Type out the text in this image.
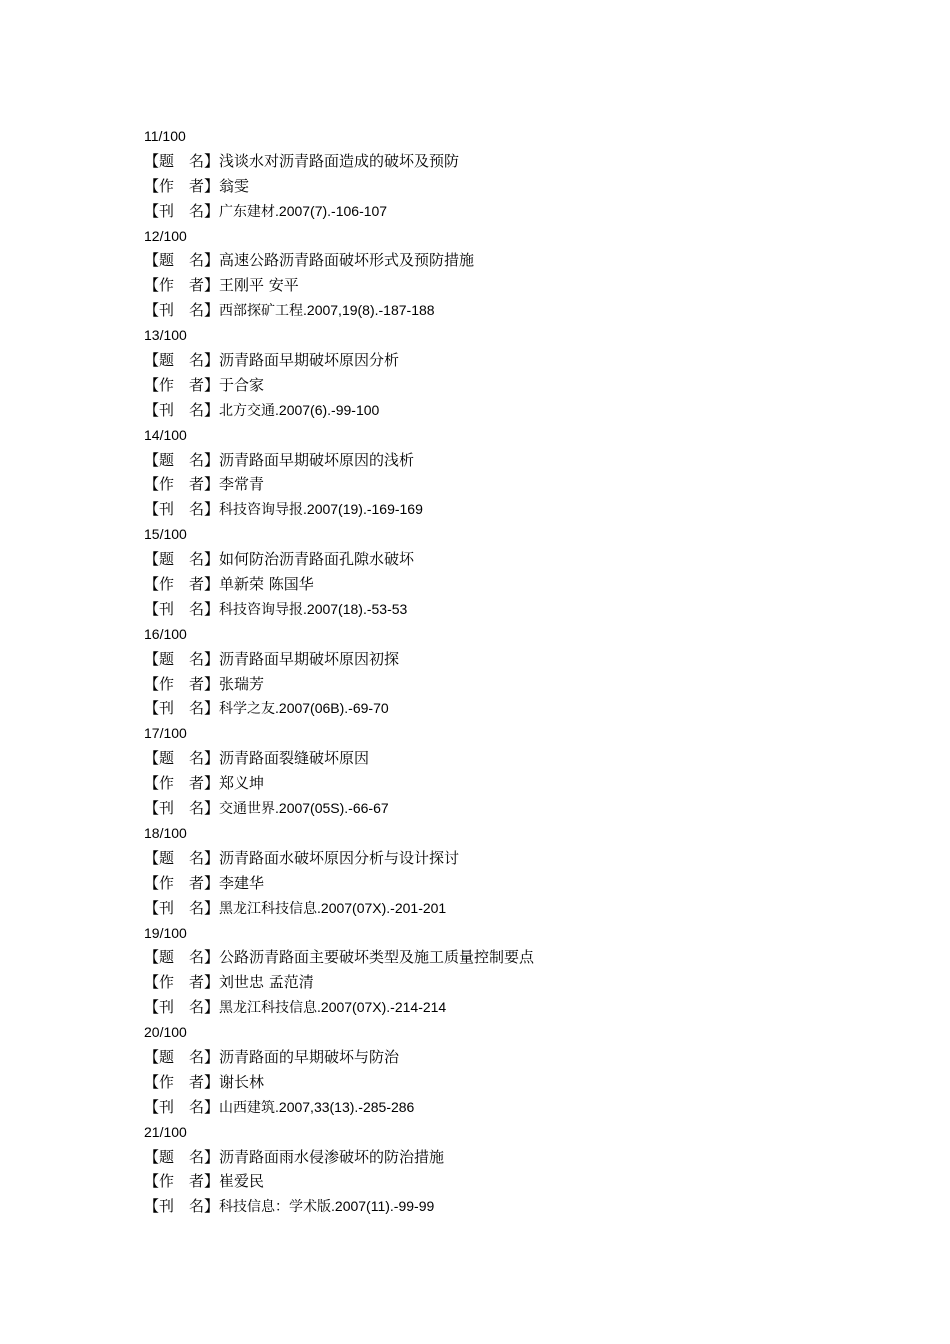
11/100
【题　名】浅谈水对沥青路面造成的破坏及预防
【作　者】翁雯
【刊　名】广东建材.2007(7).-106-107
12/100
【题　名】高速公路沥青路面破坏形式及预防措施
【作　者】王刚平 安平
【刊　名】西部探矿工程.2007,19(8).-187-188
13/100
【题　名】沥青路面早期破坏原因分析
【作　者】于合家
【刊　名】北方交通.2007(6).-99-100
14/100
【题　名】沥青路面早期破坏原因的浅析
【作　者】李常青
【刊　名】科技咨询导报.2007(19).-169-169
15/100
【题　名】如何防治沥青路面孔隙水破坏
【作　者】单新荣 陈国华
【刊　名】科技咨询导报.2007(18).-53-53
16/100
【题　名】沥青路面早期破坏原因初探
【作　者】张瑞芳
【刊　名】科学之友.2007(06B).-69-70
17/100
【题　名】沥青路面裂缝破坏原因
【作　者】郑义坤
【刊　名】交通世界.2007(05S).-66-67
18/100
【题　名】沥青路面水破坏原因分析与设计探讨
【作　者】李建华
【刊　名】黑龙江科技信息.2007(07X).-201-201
19/100
【题　名】公路沥青路面主要破坏类型及施工质量控制要点
【作　者】刘世忠 孟范清
【刊　名】黑龙江科技信息.2007(07X).-214-214
20/100
【题　名】沥青路面的早期破坏与防治
【作　者】谢长林
【刊　名】山西建筑.2007,33(13).-285-286
21/100
【题　名】沥青路面雨水侵渗破坏的防治措施
【作　者】崔爱民
【刊　名】科技信息：学术版.2007(11).-99-99
